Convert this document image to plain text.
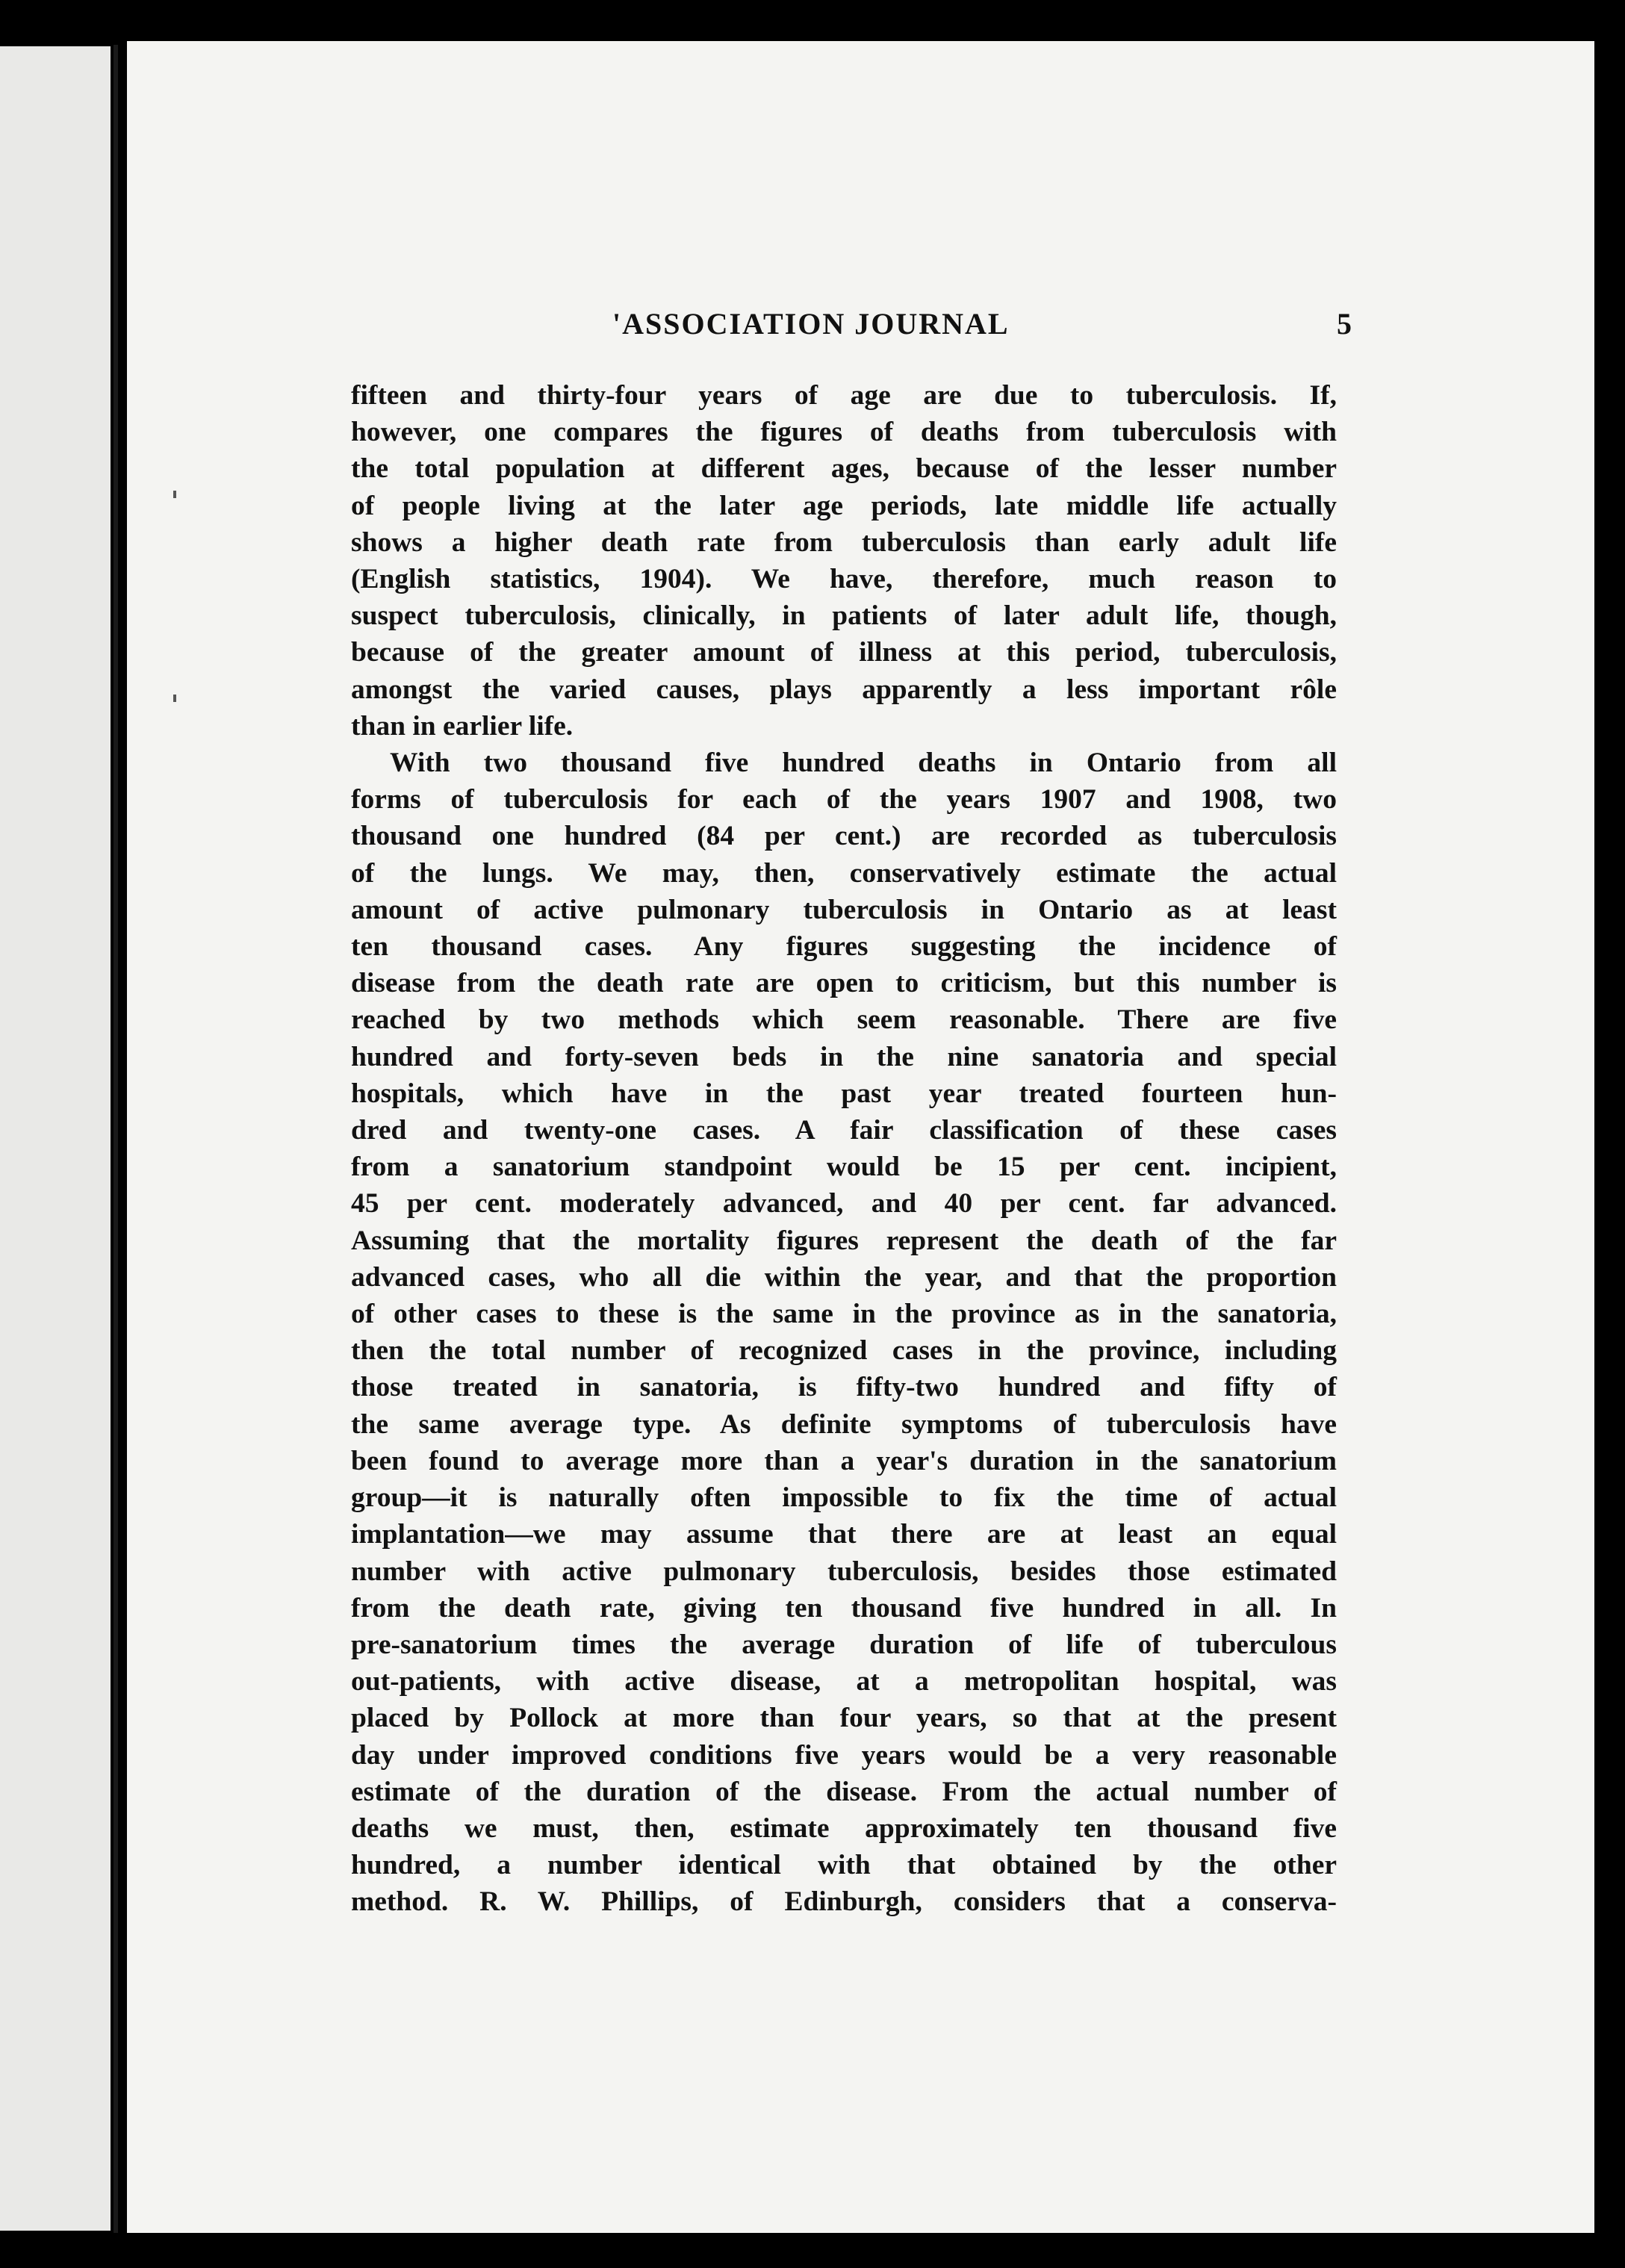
'ASSOCIATION JOURNAL	5
fifteen and thirty-four years of age are due to tuberculosis. If,
however, one compares the figures of deaths from tuberculosis with
the total population at different ages, because of the lesser number
of people living at the later age periods, late middle life actually
shows a higher death rate from tuberculosis than early adult life
(English statistics, 1904). We have, therefore, much reason to
suspect tuberculosis, clinically, in patients of later adult life, though,
because of the greater amount of illness at this period, tuberculosis,
amongst the varied causes, plays apparently a less important rôle
than in earlier life.
With two thousand five hundred deaths in Ontario from all
forms of tuberculosis for each of the years 1907 and 1908, two
thousand one hundred (84 per cent.) are recorded as tuberculosis
of the lungs. We may, then, conservatively estimate the actual
amount of active pulmonary tuberculosis in Ontario as at least
ten thousand cases. Any figures suggesting the incidence of
disease from the death rate are open to criticism, but this number is
reached by two methods which seem reasonable. There are five
hundred and forty-seven beds in the nine sanatoria and special
hospitals, which have in the past year treated fourteen hun-
dred and twenty-one cases. A fair classification of these cases
from a sanatorium standpoint would be 15 per cent. incipient,
45 per cent. moderately advanced, and 40 per cent. far advanced.
Assuming that the mortality figures represent the death of the far
advanced cases, who all die within the year, and that the proportion
of other cases to these is the same in the province as in the sanatoria,
then the total number of recognized cases in the province, including
those treated in sanatoria, is fifty-two hundred and fifty of
the same average type. As definite symptoms of tuberculosis have
been found to average more than a year's duration in the sanatorium
group—it is naturally often impossible to fix the time of actual
implantation—we may assume that there are at least an equal
number with active pulmonary tuberculosis, besides those estimated
from the death rate, giving ten thousand five hundred in all. In
pre-sanatorium times the average duration of life of tuberculous
out-patients, with active disease, at a metropolitan hospital, was
placed by Pollock at more than four years, so that at the present
day under improved conditions five years would be a very reasonable
estimate of the duration of the disease. From the actual number of
deaths we must, then, estimate approximately ten thousand five
hundred, a number identical with that obtained by the other
method. R. W. Phillips, of Edinburgh, considers that a conserva-
